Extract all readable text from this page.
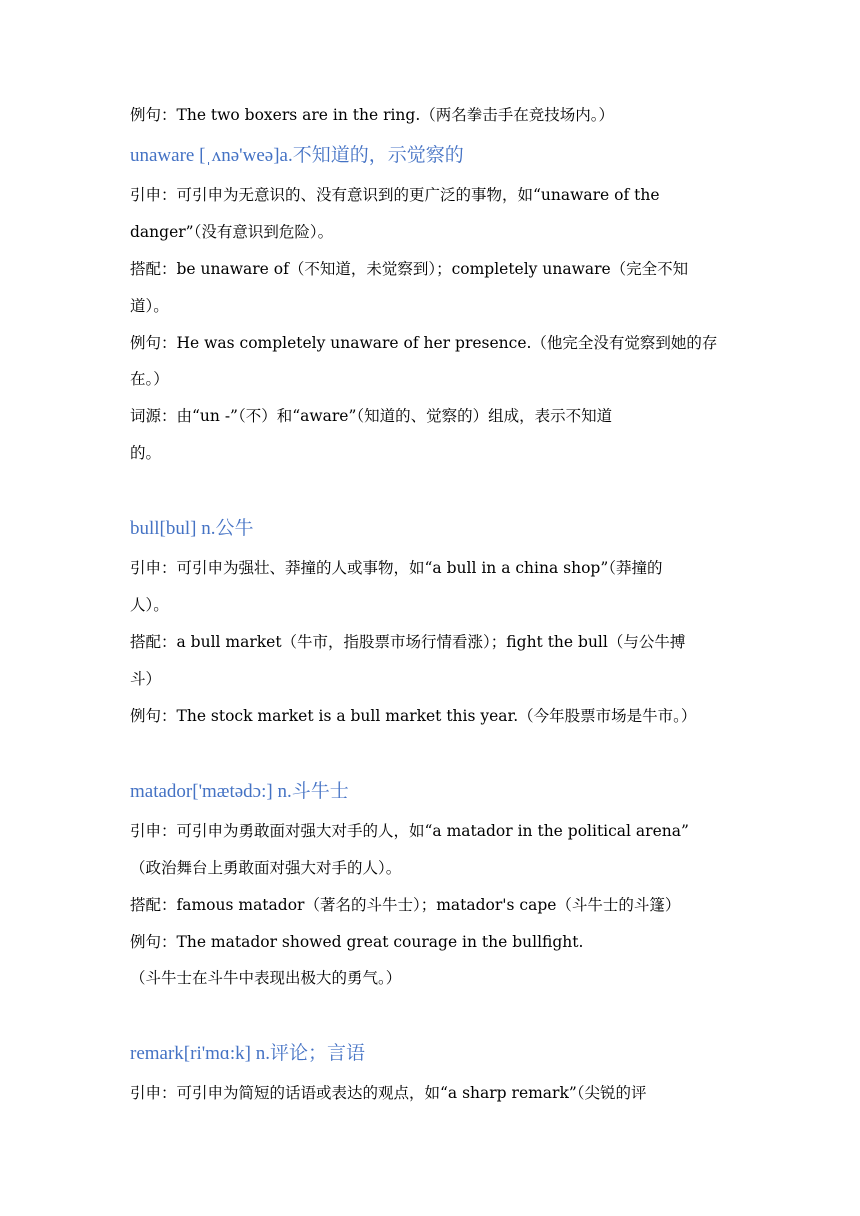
例句：The two boxers are in the ring.（两名拳击手在竞技场内。）
unaware [ˌʌnə'weə]a.不知道的，示觉察的
引申：可引申为无意识的、没有意识到的更广泛的事物，如“unaware of the
danger”（没有意识到危险）。
搭配：be unaware of（不知道，未觉察到）；completely unaware（完全不知
道）。
例句：He was completely unaware of her presence.（他完全没有觉察到她的存
在。）
词源：由“un -”（不）和“aware”（知道的、觉察的）组成，表示不知道
的。
bull[bul] n.公牛
引申：可引申为强壮、莽撞的人或事物，如“a bull in a china shop”（莽撞的
人）。
搭配：a bull market（牛市，指股票市场行情看涨）；fight the bull（与公牛搏
斗）
例句：The stock market is a bull market this year.（今年股票市场是牛市。）
matador['mætədɔ:] n.斗牛士
引申：可引申为勇敢面对强大对手的人，如“a matador in the political arena”
（政治舞台上勇敢面对强大对手的人）。
搭配：famous matador（著名的斗牛士）；matador's cape（斗牛士的斗篷）
例句：The matador showed great courage in the bullfight.
（斗牛士在斗牛中表现出极大的勇气。）
remark[ri'mɑ:k] n.评论；言语
引申：可引申为简短的话语或表达的观点，如“a sharp remark”（尖锐的评
